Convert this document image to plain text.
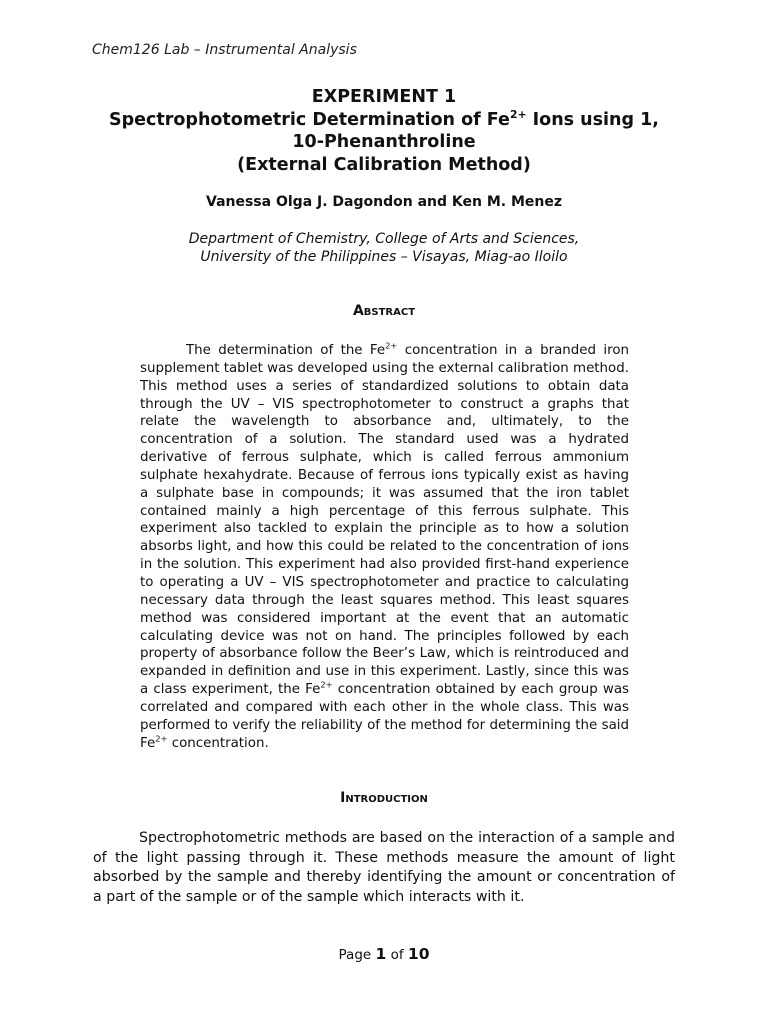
Chem126 Lab – Instrumental Analysis
EXPERIMENT 1
Spectrophotometric Determination of $Fe^{2+}$ Ions using 1,
10-Phenanthroline
(External Calibration Method)
Vanessa Olga J. Dagondon and Ken M. Menez
Department of Chemistry, College of Arts and Sciences,
University of the Philippines – Visayas, Miag-ao Iloilo
Abstract

The determination of the $Fe^{2+}$ concentration in a branded iron supplement tablet was developed using the external calibration method. This method uses a series of standardized solutions to obtain data through the UV – VIS spectrophotometer to construct a graphs that relate the wavelength to absorbance and, ultimately, to the concentration of a solution. The standard used was a hydrated derivative of ferrous sulphate, which is called ferrous ammonium sulphate hexahydrate. Because of ferrous ions typically exist as having a sulphate base in compounds; it was assumed that the iron tablet contained mainly a high percentage of this ferrous sulphate. This experiment also tackled to explain the principle as to how a solution absorbs light, and how this could be related to the concentration of ions in the solution. This experiment had also provided first-hand experience to operating a UV – VIS spectrophotometer and practice to calculating necessary data through the least squares method. This least squares method was considered important at the event that an automatic calculating device was not on hand. The principles followed by each property of absorbance follow the Beer’s Law, which is reintroduced and expanded in definition and use in this experiment. Lastly, since this was a class experiment, the $Fe^{2+}$ concentration obtained by each group was correlated and compared with each other in the whole class. This was performed to verify the reliability of the method for determining the said $Fe^{2+}$ concentration.

Introduction

Spectrophotometric methods are based on the interaction of a sample and of the light passing through it. These methods measure the amount of light absorbed by the sample and thereby identifying the amount or concentration of a part of the sample or of the sample which interacts with it.

Page 1 of 10
